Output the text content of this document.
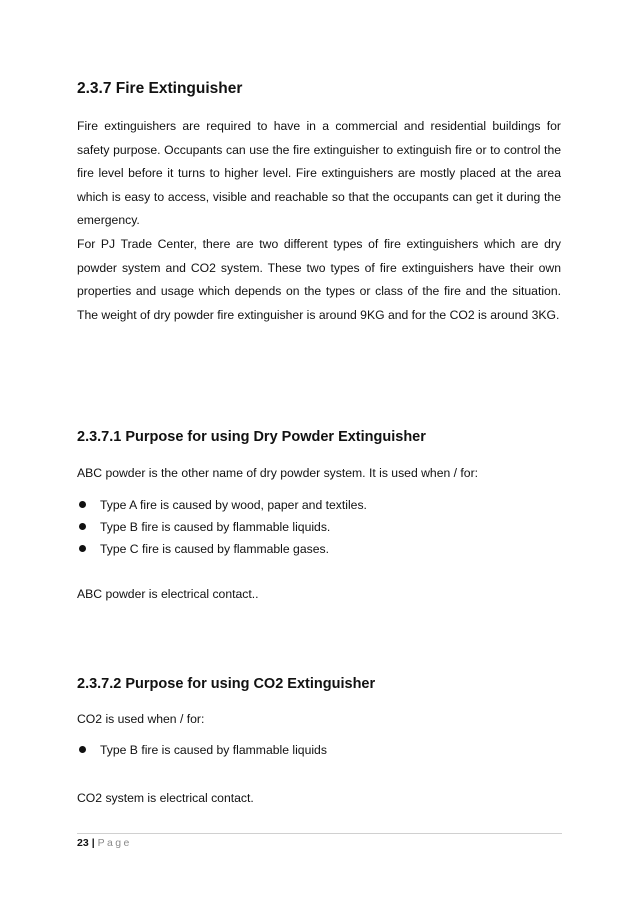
2.3.7 Fire Extinguisher

Fire extinguishers are required to have in a commercial and residential buildings for safety purpose. Occupants can use the fire extinguisher to extinguish fire or to control the fire level before it turns to higher level. Fire extinguishers are mostly placed at the area which is easy to access, visible and reachable so that the occupants can get it during the emergency.

For PJ Trade Center, there are two different types of fire extinguishers which are dry powder system and CO2 system. These two types of fire extinguishers have their own properties and usage which depends on the types or class of the fire and the situation. The weight of dry powder fire extinguisher is around 9KG and for the CO2 is around 3KG.

2.3.7.1 Purpose for using Dry Powder Extinguisher

ABC powder is the other name of dry powder system. It is used when / for:

Type A fire is caused by wood, paper and textiles.
Type B fire is caused by flammable liquids.
Type C fire is caused by flammable gases.

ABC powder is electrical contact..

2.3.7.2 Purpose for using CO2 Extinguisher

CO2 is used when / for:

Type B fire is caused by flammable liquids

CO2 system is electrical contact.

23 | Page
